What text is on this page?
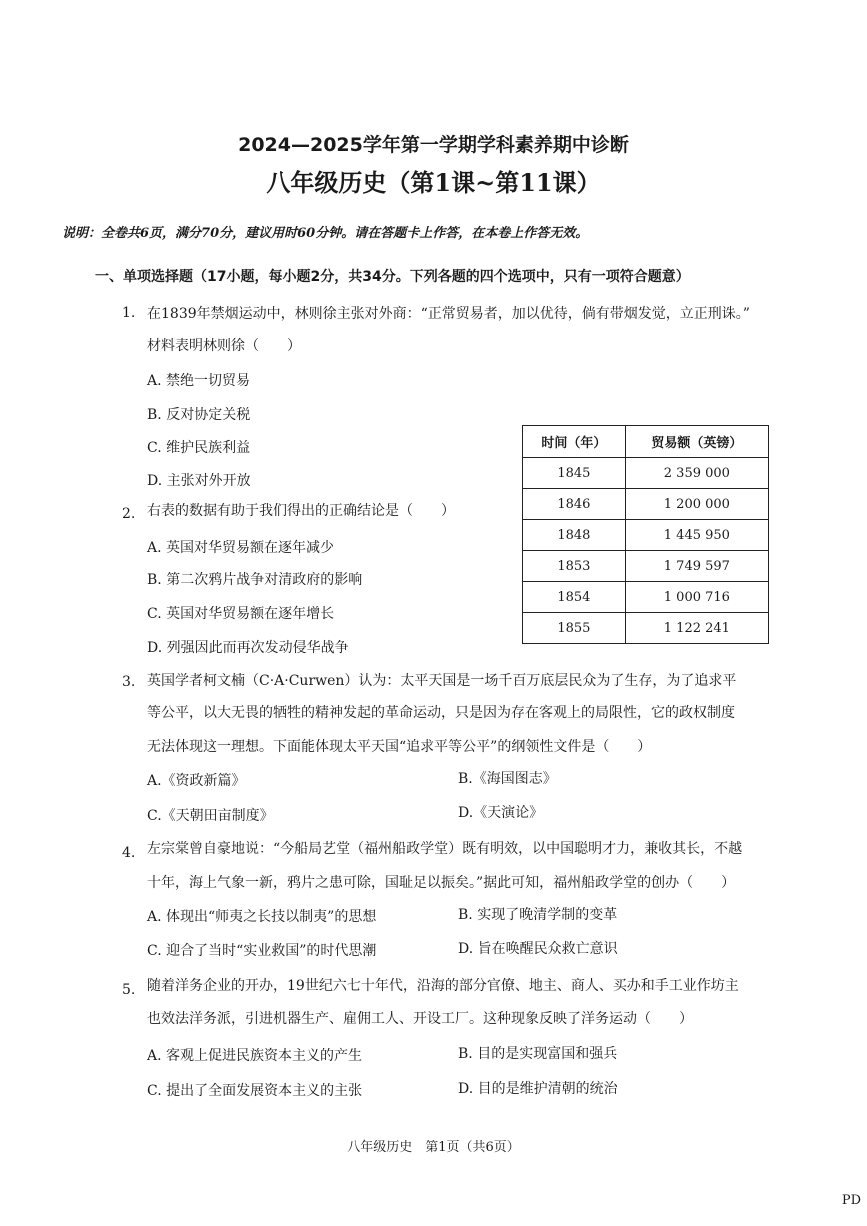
2024—2025学年第一学期学科素养期中诊断
八年级历史（第1课~第11课）
说明：全卷共6页，满分70分，建议用时60分钟。请在答题卡上作答，在本卷上作答无效。
一、单项选择题（17小题，每小题2分，共34分。下列各题的四个选项中，只有一项符合题意）
1. 在1839年禁烟运动中，林则徐主张对外商：“正常贸易者，加以优待，倘有带烟发觉，立正刑诛。”
材料表明林则徐（　　）
A. 禁绝一切贸易
B. 反对协定关税
C. 维护民族利益
D. 主张对外开放
2. 右表的数据有助于我们得出的正确结论是（　　）
A. 英国对华贸易额在逐年减少
B. 第二次鸦片战争对清政府的影响
C. 英国对华贸易额在逐年增长
D. 列强因此而再次发动侵华战争
时间（年）	贸易额（英镑）
1845	2 359 000
1846	1 200 000
1848	1 445 950
1853	1 749 597
1854	1 000 716
1855	1 122 241
3. 英国学者柯文楠（C·A·Curwen）认为：太平天国是一场千百万底层民众为了生存，为了追求平
等公平，以大无畏的牺牲的精神发起的革命运动，只是因为存在客观上的局限性，它的政权制度
无法体现这一理想。下面能体现太平天国“追求平等公平”的纲领性文件是（　　）
A.《资政新篇》	B.《海国图志》
C.《天朝田亩制度》	D.《天演论》
4. 左宗棠曾自豪地说：“今船局艺堂（福州船政学堂）既有明效，以中国聪明才力，兼收其长，不越
十年，海上气象一新，鸦片之患可除，国耻足以振矣。”据此可知，福州船政学堂的创办（　　）
A. 体现出“师夷之长技以制夷”的思想	B. 实现了晚清学制的变革
C. 迎合了当时“实业救国”的时代思潮	D. 旨在唤醒民众救亡意识
5. 随着洋务企业的开办，19世纪六七十年代，沿海的部分官僚、地主、商人、买办和手工业作坊主
也效法洋务派，引进机器生产、雇佣工人、开设工厂。这种现象反映了洋务运动（　　）
A. 客观上促进民族资本主义的产生	B. 目的是实现富国和强兵
C. 提出了全面发展资本主义的主张	D. 目的是维护清朝的统治
八年级历史　第1页（共6页）
PD
